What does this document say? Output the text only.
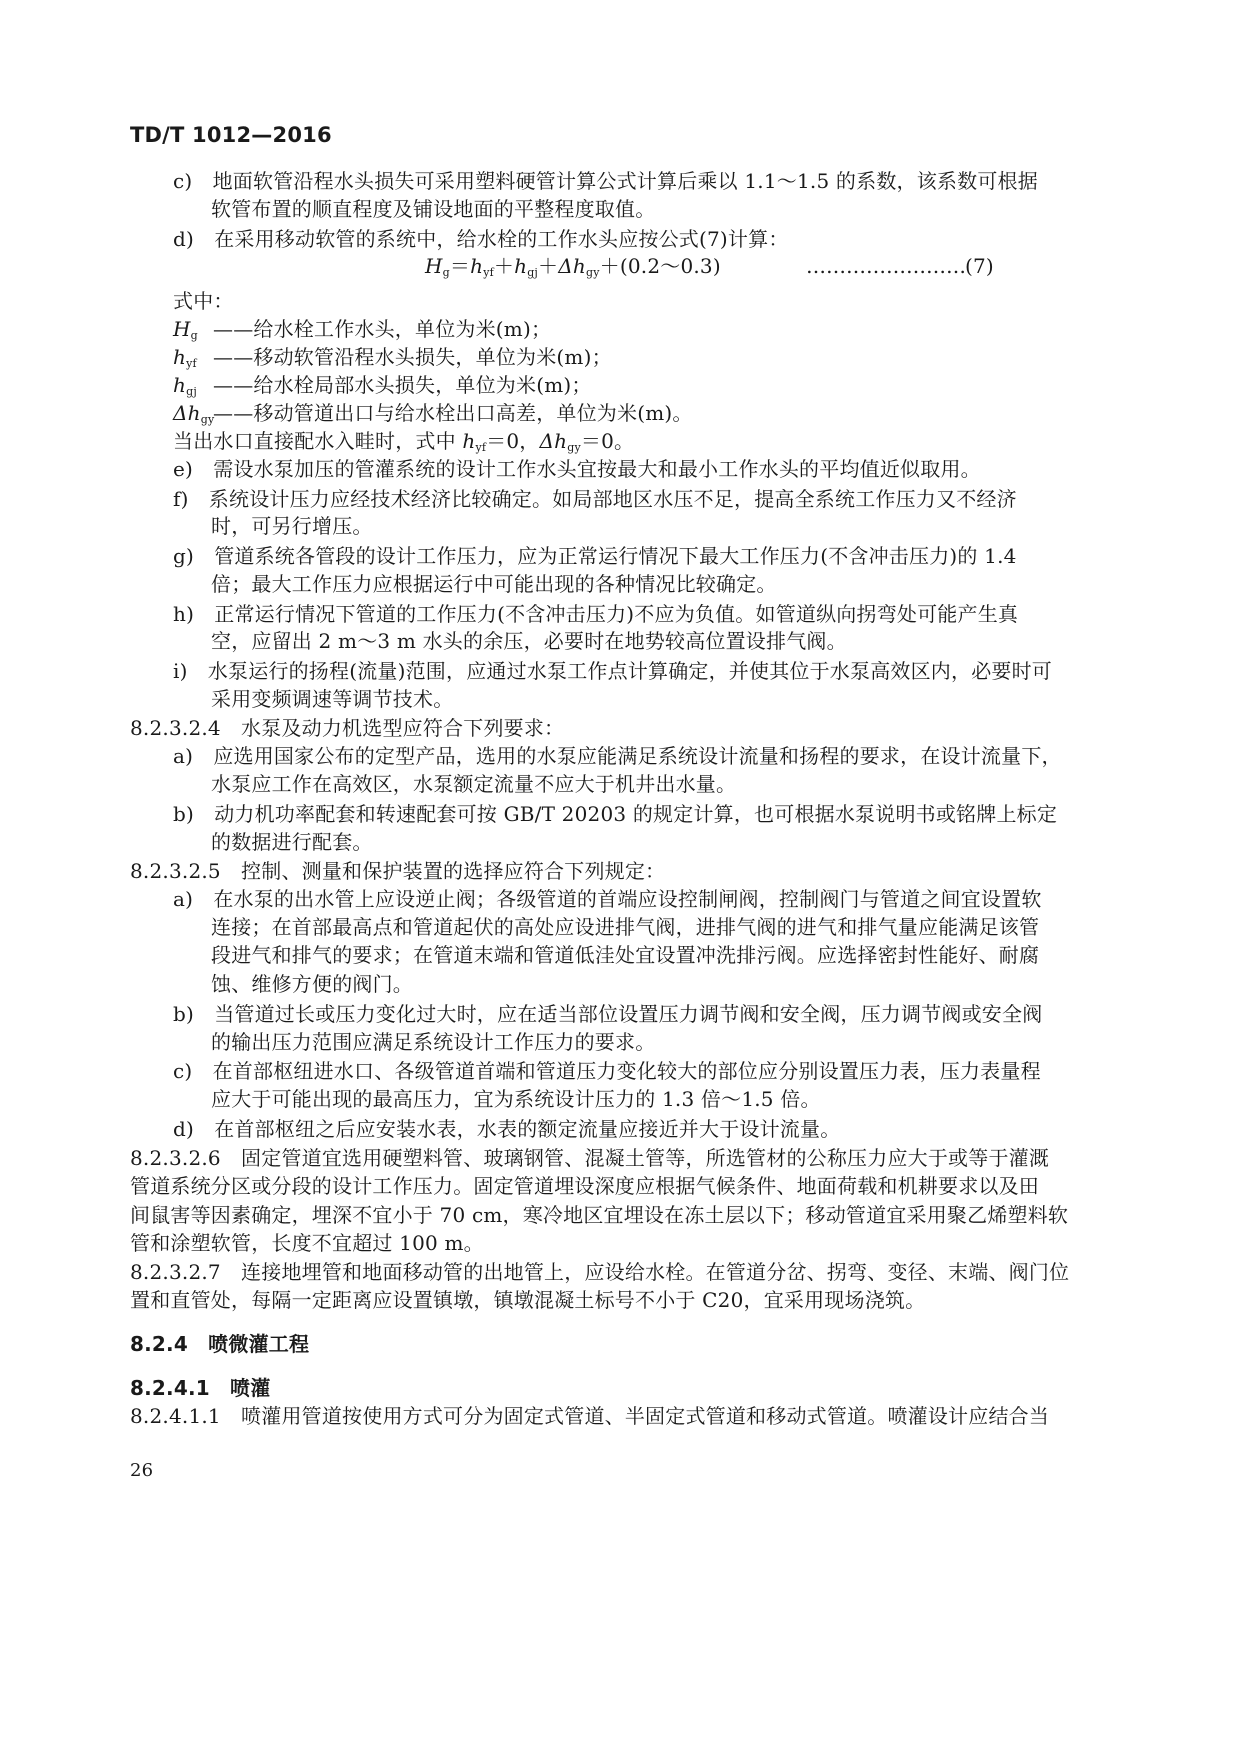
TD/T 1012—2016
c)　地面软管沿程水头损失可采用塑料硬管计算公式计算后乘以 1.1～1.5 的系数，该系数可根据
软管布置的顺直程度及铺设地面的平整程度取值。
d)　在采用移动软管的系统中，给水栓的工作水头应按公式(7)计算：
$H_g=h_{yf}+h_{gj}+\Delta h_{gy}+(0.2\sim 0.3)$	…………………… (7)
式中：
$H_g$ ——给水栓工作水头，单位为米(m)；
$h_{yf}$ ——移动软管沿程水头损失，单位为米(m)；
$h_{gj}$ ——给水栓局部水头损失，单位为米(m)；
$\Delta h_{gy}——$移动管道出口与给水栓出口高差，单位为米(m)。
当出水口直接配水入畦时，式中 $h_{yf}=0$，$\Delta h_{gy}=0$。
e)　需设水泵加压的管灌系统的设计工作水头宜按最大和最小工作水头的平均值近似取用。
f)　系统设计压力应经技术经济比较确定。如局部地区水压不足，提高全系统工作压力又不经济
时，可另行增压。
g)　管道系统各管段的设计工作压力，应为正常运行情况下最大工作压力(不含冲击压力)的 1.4
倍；最大工作压力应根据运行中可能出现的各种情况比较确定。
h)　正常运行情况下管道的工作压力(不含冲击压力)不应为负值。如管道纵向拐弯处可能产生真
空，应留出 2 m～3 m 水头的余压，必要时在地势较高位置设排气阀。
i)　水泵运行的扬程(流量)范围，应通过水泵工作点计算确定，并使其位于水泵高效区内，必要时可
采用变频调速等调节技术。
8.2.3.2.4　水泵及动力机选型应符合下列要求：
a)　应选用国家公布的定型产品，选用的水泵应能满足系统设计流量和扬程的要求，在设计流量下，
水泵应工作在高效区，水泵额定流量不应大于机井出水量。
b)　动力机功率配套和转速配套可按 GB/T 20203 的规定计算，也可根据水泵说明书或铭牌上标定
的数据进行配套。
8.2.3.2.5　控制、测量和保护装置的选择应符合下列规定：
a)　在水泵的出水管上应设逆止阀；各级管道的首端应设控制闸阀，控制阀门与管道之间宜设置软
连接；在首部最高点和管道起伏的高处应设进排气阀，进排气阀的进气和排气量应能满足该管
段进气和排气的要求；在管道末端和管道低洼处宜设置冲洗排污阀。应选择密封性能好、耐腐
蚀、维修方便的阀门。
b)　当管道过长或压力变化过大时，应在适当部位设置压力调节阀和安全阀，压力调节阀或安全阀
的输出压力范围应满足系统设计工作压力的要求。
c)　在首部枢纽进水口、各级管道首端和管道压力变化较大的部位应分别设置压力表，压力表量程
应大于可能出现的最高压力，宜为系统设计压力的 1.3 倍～1.5 倍。
d)　在首部枢纽之后应安装水表，水表的额定流量应接近并大于设计流量。
8.2.3.2.6　固定管道宜选用硬塑料管、玻璃钢管、混凝土管等，所选管材的公称压力应大于或等于灌溉
管道系统分区或分段的设计工作压力。固定管道埋设深度应根据气候条件、地面荷载和机耕要求以及田
间鼠害等因素确定，埋深不宜小于 70 cm，寒冷地区宜埋设在冻土层以下；移动管道宜采用聚乙烯塑料软
管和涂塑软管，长度不宜超过 100 m。
8.2.3.2.7　连接地埋管和地面移动管的出地管上，应设给水栓。在管道分岔、拐弯、变径、末端、阀门位
置和直管处，每隔一定距离应设置镇墩，镇墩混凝土标号不小于 C20，宜采用现场浇筑。
8.2.4　喷微灌工程
8.2.4.1　喷灌
8.2.4.1.1　喷灌用管道按使用方式可分为固定式管道、半固定式管道和移动式管道。喷灌设计应结合当
26
